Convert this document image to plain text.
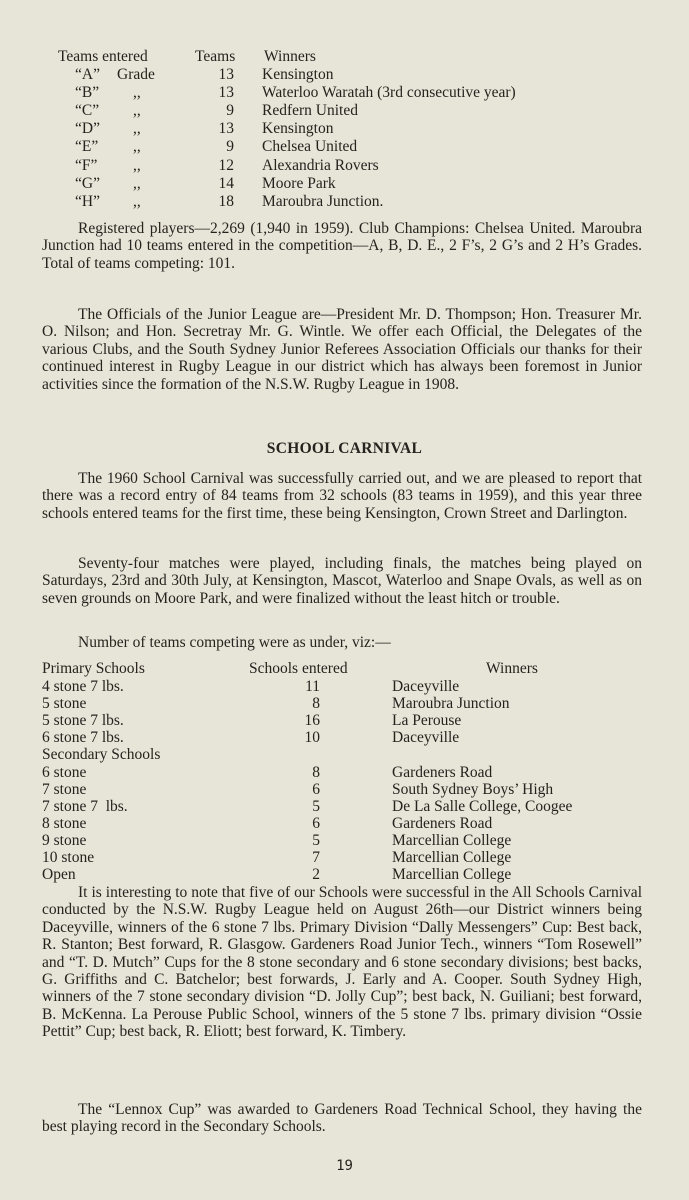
Teams entered	Teams Winners
“A” Grade	13 Kensington
“B” ,,	13 Waterloo Waratah (3rd consecutive year)
“C” ,,	9 Redfern United
“D” ,,	13 Kensington
“E” ,,	9 Chelsea United
“F” ,,	12 Alexandria Rovers
“G” ,,	14 Moore Park
“H” ,,	18 Maroubra Junction.

Registered players—2,269 (1,940 in 1959). Club Champions: Chelsea United. Maroubra Junction had 10 teams entered in the competition—A, B, D. E., 2 F’s, 2 G’s and 2 H’s Grades. Total of teams competing: 101.

The Officials of the Junior League are—President Mr. D. Thompson; Hon. Treasurer Mr. O. Nilson; and Hon. Secretray Mr. G. Wintle. We offer each Official, the Delegates of the various Clubs, and the South Sydney Junior Referees Association Officials our thanks for their continued interest in Rugby League in our district which has always been foremost in Junior activities since the formation of the N.S.W. Rugby League in 1908.

SCHOOL CARNIVAL

The 1960 School Carnival was successfully carried out, and we are pleased to report that there was a record entry of 84 teams from 32 schools (83 teams in 1959), and this year three schools entered teams for the first time, these being Kensington, Crown Street and Darlington.

Seventy-four matches were played, including finals, the matches being played on Saturdays, 23rd and 30th July, at Kensington, Mascot, Waterloo and Snape Ovals, as well as on seven grounds on Moore Park, and were finalized without the least hitch or trouble.

Number of teams competing were as under, viz:—

Primary Schools	Schools entered	Winners
4 stone 7 lbs.	11	Daceyville
5 stone	8	Maroubra Junction
5 stone 7 lbs.	16	La Perouse
6 stone 7 lbs.	10	Daceyville
Secondary Schools
6 stone	8	Gardeners Road
7 stone	6	South Sydney Boys’ High
7 stone 7  lbs.	5	De La Salle College, Coogee
8 stone	6	Gardeners Road
9 stone	5	Marcellian College
10 stone	7	Marcellian College
Open	2	Marcellian College

It is interesting to note that five of our Schools were successful in the All Schools Carnival conducted by the N.S.W. Rugby League held on August 26th—our District winners being Daceyville, winners of the 6 stone 7 lbs. Primary Division “Dally Messengers” Cup: Best back, R. Stanton; Best forward, R. Glasgow. Gardeners Road Junior Tech., winners “Tom Rosewell” and “T. D. Mutch” Cups for the 8 stone secondary and 6 stone secondary divisions; best backs, G. Griffiths and C. Batchelor; best forwards, J. Early and A. Cooper. South Sydney High, winners of the 7 stone secondary division “D. Jolly Cup”; best back, N. Guiliani; best forward, B. McKenna. La Perouse Public School, winners of the 5 stone 7 lbs. primary division “Ossie Pettit” Cup; best back, R. Eliott; best forward, K. Timbery.

The “Lennox Cup” was awarded to Gardeners Road Technical School, they having the best playing record in the Secondary Schools.

19
